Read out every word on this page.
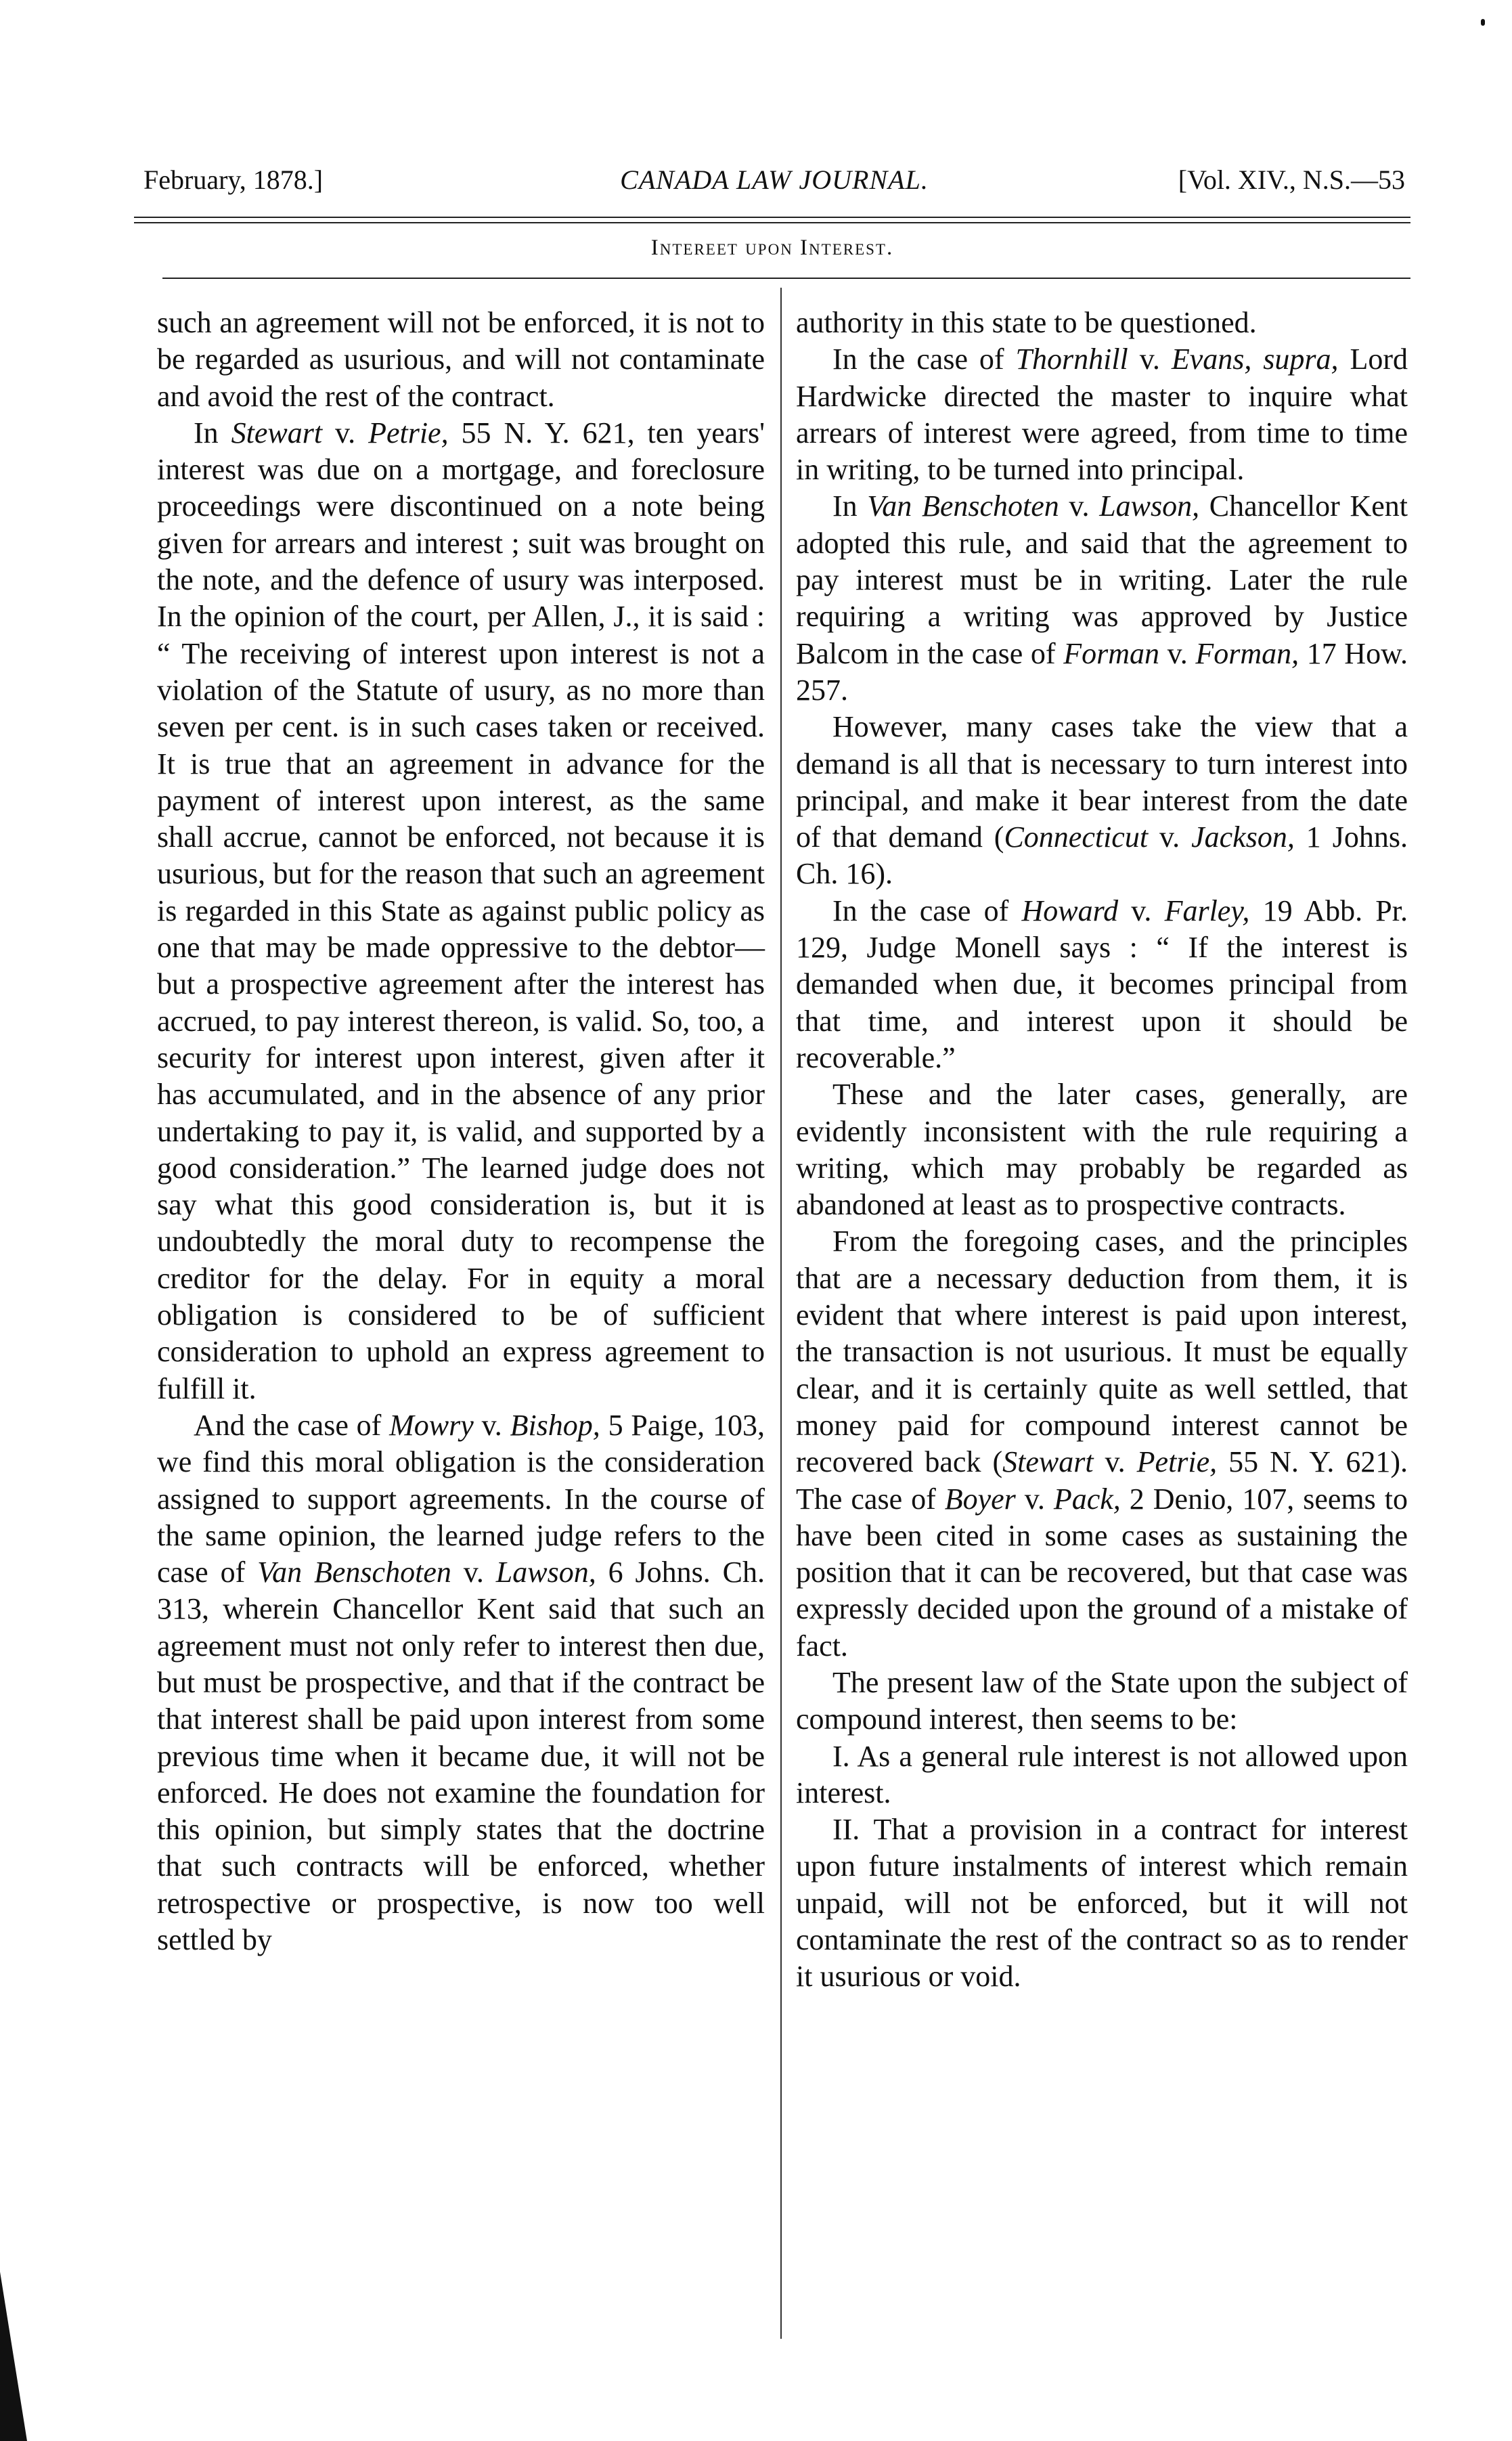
February, 1878.]	CANADA LAW JOURNAL.	[Vol. XIV., N.S.—53
Intereet upon Interest.

such an agreement will not be enforced, it is not to be regarded as usurious, and will not contaminate and avoid the rest of the contract.

In Stewart v. Petrie, 55 N. Y. 621, ten years' interest was due on a mortgage, and foreclosure proceedings were discontinued on a note being given for arrears and interest ; suit was brought on the note, and the defence of usury was interposed. In the opinion of the court, per Allen, J., it is said : “ The receiving of interest upon interest is not a violation of the Statute of usury, as no more than seven per cent. is in such cases taken or received. It is true that an agreement in advance for the payment of interest upon interest, as the same shall accrue, cannot be enforced, not because it is usurious, but for the reason that such an agreement is regarded in this State as against public policy as one that may be made oppressive to the debtor—but a prospective agreement after the interest has accrued, to pay interest thereon, is valid. So, too, a security for interest upon interest, given after it has accumulated, and in the absence of any prior undertaking to pay it, is valid, and supported by a good consideration.” The learned judge does not say what this good consideration is, but it is undoubtedly the moral duty to recompense the creditor for the delay. For in equity a moral obligation is considered to be of sufficient consideration to uphold an express agreement to fulfill it.

And the case of Mowry v. Bishop, 5 Paige, 103, we find this moral obligation is the consideration assigned to support agreements. In the course of the same opinion, the learned judge refers to the case of Van Benschoten v. Lawson, 6 Johns. Ch. 313, wherein Chancellor Kent said that such an agreement must not only refer to interest then due, but must be prospective, and that if the contract be that interest shall be paid upon interest from some previous time when it became due, it will not be enforced. He does not examine the foundation for this opinion, but simply states that the doctrine that such contracts will be enforced, whether retrospective or prospective, is now too well settled by

authority in this state to be questioned.

In the case of Thornhill v. Evans, supra, Lord Hardwicke directed the master to inquire what arrears of interest were agreed, from time to time in writing, to be turned into principal.

In Van Benschoten v. Lawson, Chancellor Kent adopted this rule, and said that the agreement to pay interest must be in writing. Later the rule requiring a writing was approved by Justice Balcom in the case of Forman v. Forman, 17 How. 257.

However, many cases take the view that a demand is all that is necessary to turn interest into principal, and make it bear interest from the date of that demand (Connecticut v. Jackson, 1 Johns. Ch. 16).

In the case of Howard v. Farley, 19 Abb. Pr. 129, Judge Monell says : “ If the interest is demanded when due, it becomes principal from that time, and interest upon it should be recoverable.”

These and the later cases, generally, are evidently inconsistent with the rule requiring a writing, which may probably be regarded as abandoned at least as to prospective contracts.

From the foregoing cases, and the principles that are a necessary deduction from them, it is evident that where interest is paid upon interest, the transaction is not usurious. It must be equally clear, and it is certainly quite as well settled, that money paid for compound interest cannot be recovered back (Stewart v. Petrie, 55 N. Y. 621). The case of Boyer v. Pack, 2 Denio, 107, seems to have been cited in some cases as sustaining the position that it can be recovered, but that case was expressly decided upon the ground of a mistake of fact.

The present law of the State upon the subject of compound interest, then seems to be:

I. As a general rule interest is not allowed upon interest.

II. That a provision in a contract for interest upon future instalments of interest which remain unpaid, will not be enforced, but it will not contaminate the rest of the contract so as to render it usurious or void.
